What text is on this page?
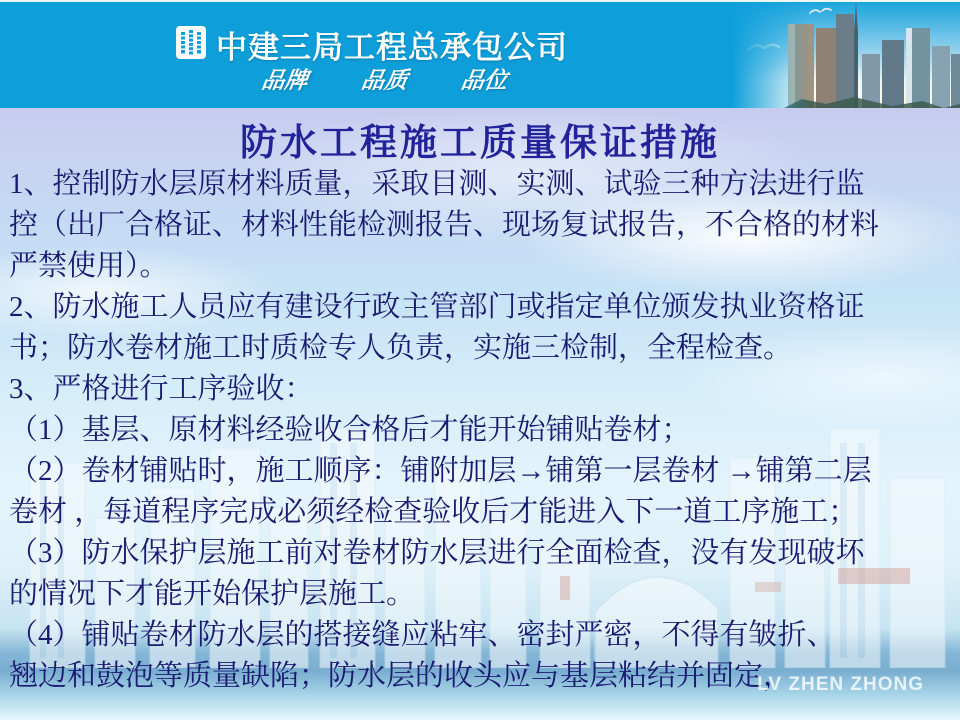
中建三局工程总承包公司
品牌 品质 品位
防水工程施工质量保证措施
1、控制防水层原材料质量，采取目测、实测、试验三种方法进行监
控（出厂合格证、材料性能检测报告、现场复试报告，不合格的材料
严禁使用）。
2、防水施工人员应有建设行政主管部门或指定单位颁发执业资格证
书；防水卷材施工时质检专人负责，实施三检制，全程检查。
3、严格进行工序验收：
（1）基层、原材料经验收合格后才能开始铺贴卷材；
（2）卷材铺贴时，施工顺序：铺附加层→铺第一层卷材 →铺第二层
卷材 ，每道程序完成必须经检查验收后才能进入下一道工序施工；
（3）防水保护层施工前对卷材防水层进行全面检查，没有发现破坏
的情况下才能开始保护层施工。
（4）铺贴卷材防水层的搭接缝应粘牢、密封严密，不得有皱折、
翘边和鼓泡等质量缺陷；防水层的收头应与基层粘结并固定，
LV ZHEN ZHONG
